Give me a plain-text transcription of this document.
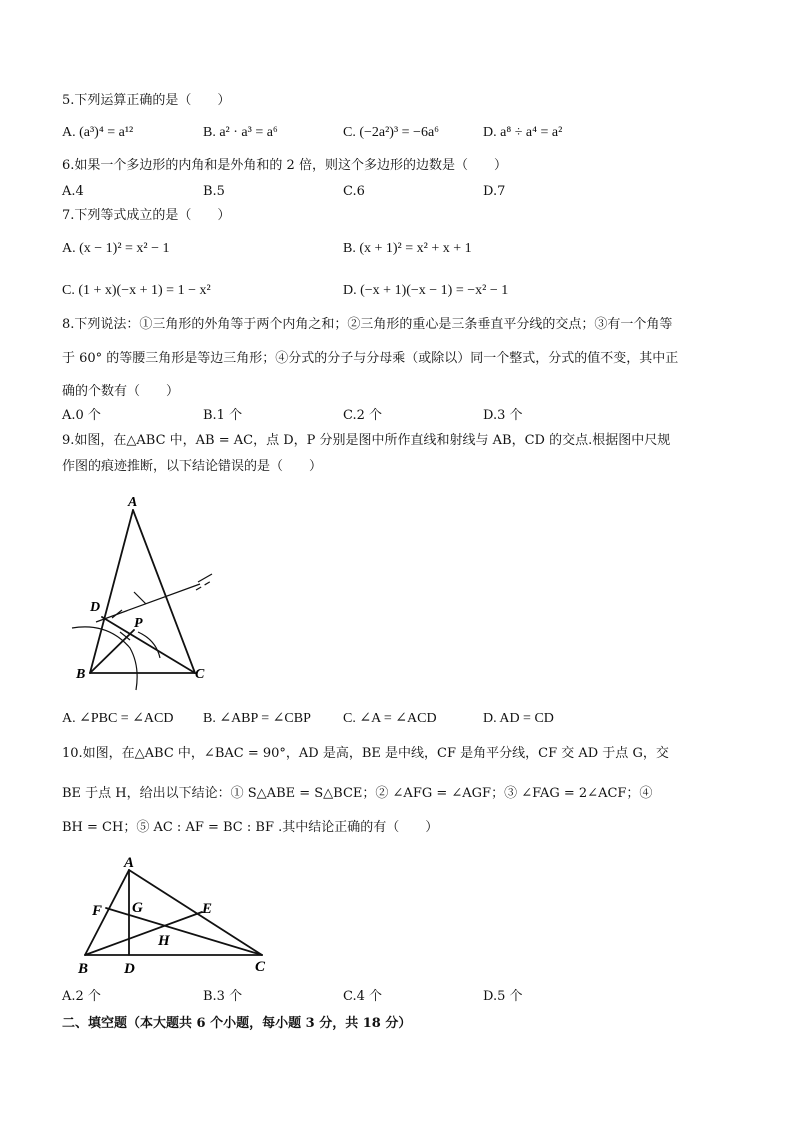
5.下列运算正确的是（　　）
A. (a³)⁴ = a¹²	B. a² · a³ = a⁶	C. (−2a²)³ = −6a⁶	D. a⁸ ÷ a⁴ = a²
6.如果一个多边形的内角和是外角和的 2 倍，则这个多边形的边数是（　　）
A.4	B.5	C.6	D.7
7.下列等式成立的是（　　）
A. (x − 1)² = x² − 1	B. (x + 1)² = x² + x + 1
C. (1 + x)(−x + 1) = 1 − x²	D. (−x + 1)(−x − 1) = −x² − 1
8.下列说法：①三角形的外角等于两个内角之和；②三角形的重心是三条垂直平分线的交点；③有一个角等
于 60° 的等腰三角形是等边三角形；④分式的分子与分母乘（或除以）同一个整式，分式的值不变，其中正
确的个数有（　　）
A.0 个	B.1 个	C.2 个	D.3 个
9.如图，在△ABC 中，AB = AC，点 D，P 分别是图中所作直线和射线与 AB，CD 的交点.根据图中尺规
作图的痕迹推断，以下结论错误的是（　　）
A
D
P
B	C
A. ∠PBC = ∠ACD B. ∠ABP = ∠CBP C. ∠A = ∠ACD	D. AD = CD
10.如图，在△ABC 中，∠BAC = 90°，AD 是高，BE 是中线，CF 是角平分线，CF 交 AD 于点 G，交
BE 于点 H，给出以下结论：① S△ABE = S△BCE；② ∠AFG = ∠AGF；③ ∠FAG = 2∠ACF；④
BH = CH；⑤ AC : AF = BC : BF .其中结论正确的有（　　）
A
F G	E
H
B D	C
A.2 个	B.3 个	C.4 个	D.5 个
二、填空题（本大题共 6 个小题，每小题 3 分，共 18 分）
